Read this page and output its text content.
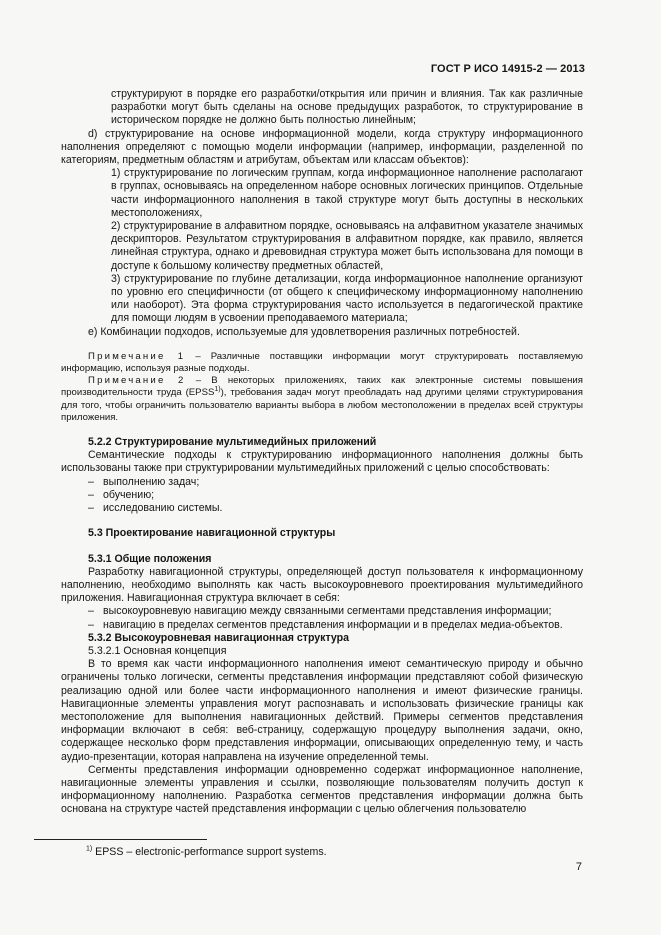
ГОСТ Р ИСО 14915-2 — 2013

структурируют в порядке его разработки/открытия или причин и влияния. Так как различные разработки могут быть сделаны на основе предыдущих разработок, то структурирование в историческом порядке не должно быть полностью линейным;

d) структурирование на основе информационной модели, когда структуру информационного наполнения определяют с помощью модели информации (например, информации, разделенной по категориям, предметным областям и атрибутам, объектам или классам объектов):

1) структурирование по логическим группам, когда информационное наполнение располагают в группах, основываясь на определенном наборе основных логических принципов. Отдельные части информационного наполнения в такой структуре могут быть доступны в нескольких местоположениях,

2) структурирование в алфавитном порядке, основываясь на алфавитном указателе значимых дескрипторов. Результатом структурирования в алфавитном порядке, как правило, является линейная структура, однако и древовидная структура может быть использована для помощи в доступе к большому количеству предметных областей,

3) структурирование по глубине детализации, когда информационное наполнение организуют по уровню его специфичности (от общего к специфическому информационному наполнению или наоборот). Эта форма структурирования часто используется в педагогической практике для помощи людям в усвоении преподаваемого материала;

e) Комбинации подходов, используемые для удовлетворения различных потребностей.

Примечание 1 – Различные поставщики информации могут структурировать поставляемую информацию, используя разные подходы.

Примечание 2 – В некоторых приложениях, таких как электронные системы повышения производительности труда (EPSS$^{1)}$), требования задач могут преобладать над другими целями структурирования для того, чтобы ограничить пользователю варианты выбора в любом местоположении в пределах всей структуры приложения.

5.2.2 Структурирование мультимедийных приложений

Семантические подходы к структурированию информационного наполнения должны быть использованы также при структурировании мультимедийных приложений с целью способствовать:

– выполнению задач;
– обучению;
– исследованию системы.

5.3 Проектирование навигационной структуры

5.3.1 Общие положения

Разработку навигационной структуры, определяющей доступ пользователя к информационному наполнению, необходимо выполнять как часть высокоуровневого проектирования мультимедийного приложения. Навигационная структура включает в себя:

– высокоуровневую навигацию между связанными сегментами представления информации;
– навигацию в пределах сегментов представления информации и в пределах медиа-объектов.

5.3.2 Высокоуровневая навигационная структура

5.3.2.1 Основная концепция

В то время как части информационного наполнения имеют семантическую природу и обычно ограничены только логически, сегменты представления информации представляют собой физическую реализацию одной или более части информационного наполнения и имеют физические границы. Навигационные элементы управления могут распознавать и использовать физические границы как местоположение для выполнения навигационных действий. Примеры сегментов представления информации включают в себя: веб-страницу, содержащую процедуру выполнения задачи, окно, содержащее несколько форм представления информации, описывающих определенную тему, и часть аудио-презентации, которая направлена на изучение определенной темы.

Сегменты представления информации одновременно содержат информационное наполнение, навигационные элементы управления и ссылки, позволяющие пользователям получить доступ к информационному наполнению. Разработка сегментов представления информации должна быть основана на структуре частей представления информации с целью облегчения пользователю

$^{1)}$ EPSS – electronic-performance support systems.
7
